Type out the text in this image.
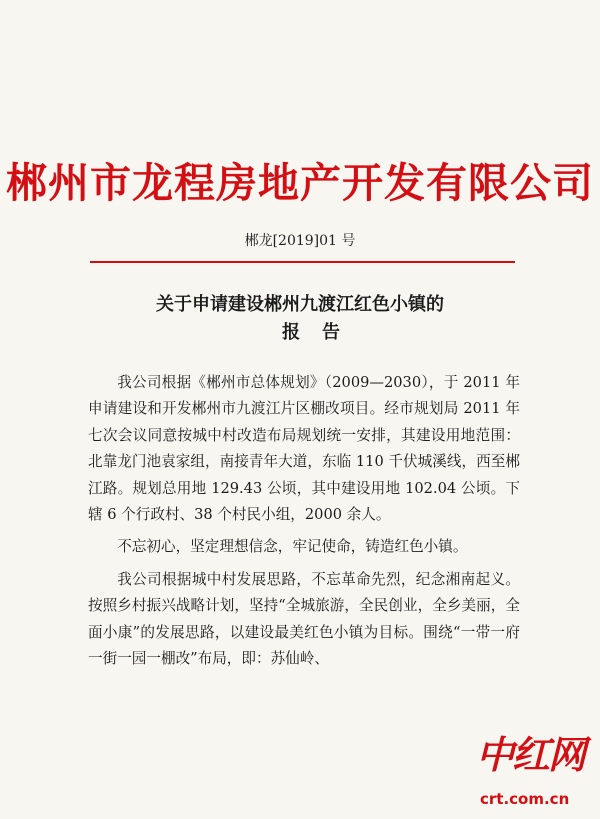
郴州市龙程房地产开发有限公司
郴龙[2019]01 号
关于申请建设郴州九渡江红色小镇的
报告

我公司根据《郴州市总体规划》（2009—2030），于 2011 年申请建设和开发郴州市九渡江片区棚改项目。经市规划局 2011 年七次会议同意按城中村改造布局规划统一安排，其建设用地范围：北靠龙门池袁家组，南接青年大道，东临 110 千伏城溪线，西至郴江路。规划总用地 129.43 公顷，其中建设用地 102.04 公顷。下辖 6 个行政村、38 个村民小组，2000 余人。

不忘初心，坚定理想信念，牢记使命，铸造红色小镇。

我公司根据城中村发展思路，不忘革命先烈，纪念湘南起义。按照乡村振兴战略计划，坚持“全城旅游，全民创业，全乡美丽，全面小康”的发展思路，以建设最美红色小镇为目标。围绕“一带一府一街一园一棚改”布局，即：苏仙岭、

中红网
crt.com.cn
